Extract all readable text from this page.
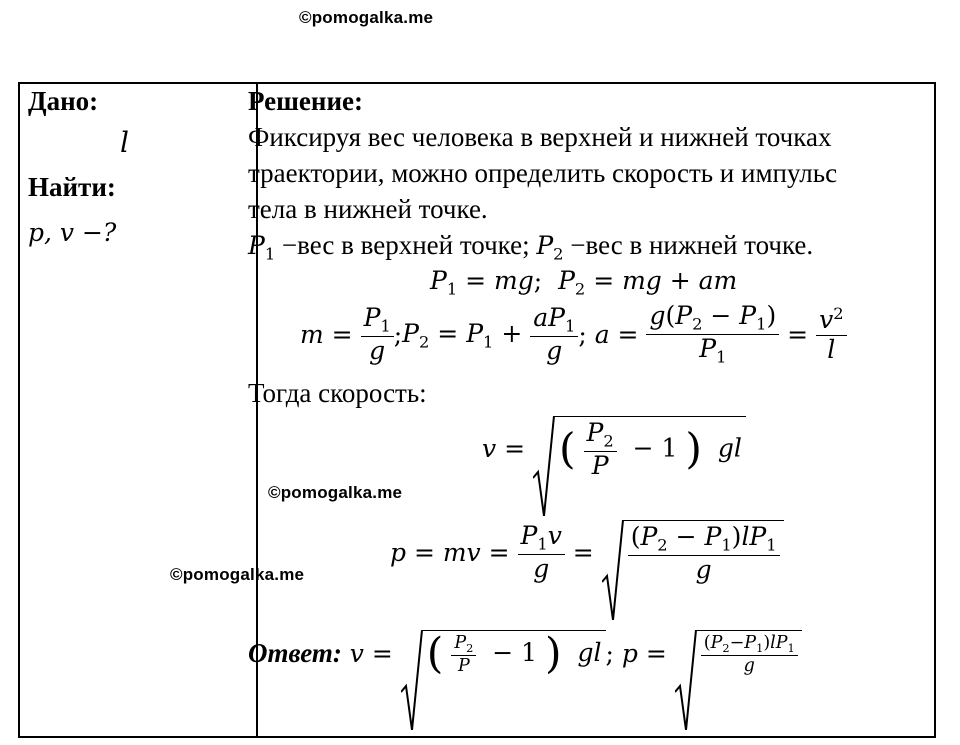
©pomogalka.me
Дано:
l
Найти:
p, v −?
Решение:
Фиксируя вес человека в верхней и нижней точках
траектории, можно определить скорость и импульс
тела в нижней точке.
$P_1 -вес$ в верхней точке; $P_2 -вес$ в нижней точке.
$P_1$ = mg;  $P_2$ = mg + am
$m = \frac{P_1}{g}$ ; $P_2 = P_1 + \frac{aP_1}{g}$ ; $a = \frac{g(P_2 - P_1)}{P_1} = \frac{v^2}{l}$
Тогда скорость:
v = ( $\frac{P_2}{P} - 1$ )  gl
p = mv = $\frac{P_1v}{g}$ =	$\frac{(P_2 - P_1)lP_1}{g}$
Ответ: v = ( $\frac{P_2}{P} - 1$ )  gl ; p =	$\frac{(P_2-P_1)lP_1}{g}$
©pomogalka.me
©pomogalka.me
